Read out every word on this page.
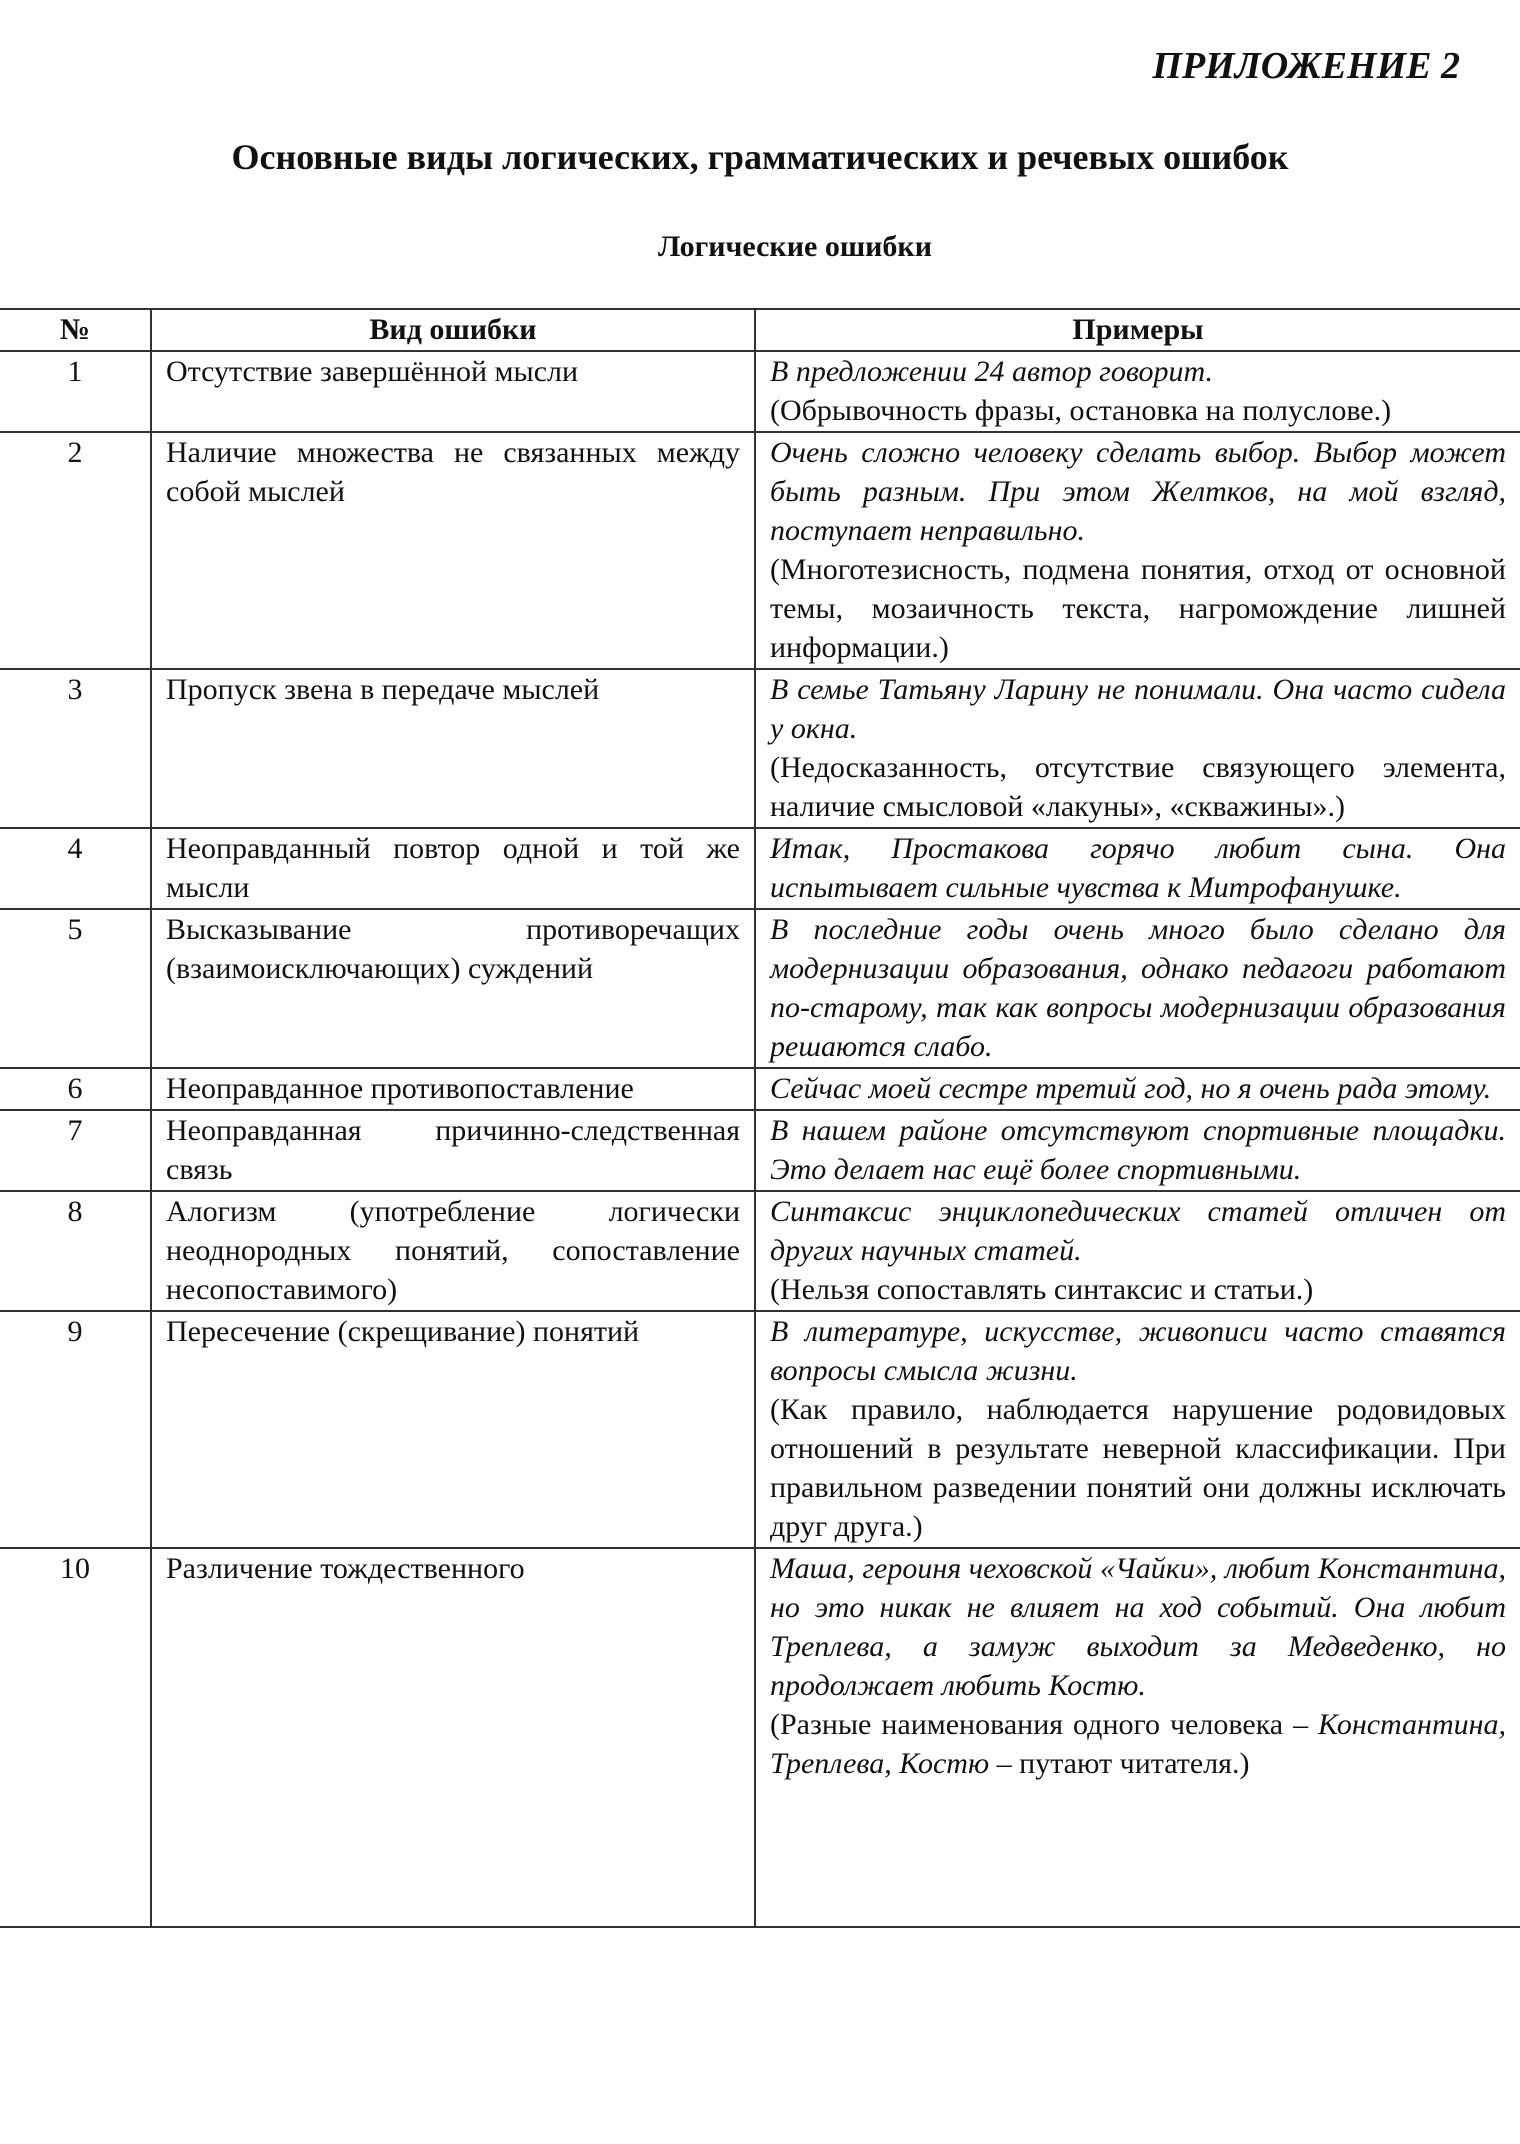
ПРИЛОЖЕНИЕ 2
Основные виды логических, грамматических и речевых ошибок
Логические ошибки
№	Вид ошибки	Примеры
1	Отсутствие завершённой мысли	В предложении 24 автор говорит.
(Обрывочность фразы, остановка на полуслове.)

2	Наличие множества не связанных между собой мыслей	Очень сложно человеку сделать выбор. Выбор может быть разным. При этом Желтков, на мой взгляд, поступает неправильно.
(Многотезисность, подмена понятия, отход от основной темы, мозаичность текста, нагромождение лишней информации.)

3	Пропуск звена в передаче мыслей	В семье Татьяну Ларину не понимали. Она часто сидела у окна.
(Недосказанность, отсутствие связующего элемента, наличие смысловой «лакуны», «скважины».)

4	Неоправданный повтор одной и той же мысли	Итак, Простакова горячо любит сына. Она испытывает сильные чувства к Митрофанушке.

5	Высказывание противоречащих (взаимоисключающих) суждений	В последние годы очень много было сделано для модернизации образования, однако педагоги работают по-старому, так как вопросы модернизации образования решаются слабо.

6	Неоправданное противопоставление	Сейчас моей сестре третий год, но я очень рада этому.

7	Неоправданная причинно-следственная связь	В нашем районе отсутствуют спортивные площадки. Это делает нас ещё более спортивными.

8	Алогизм (употребление логически неоднородных понятий, сопоставление несопоставимого)	Синтаксис энциклопедических статей отличен от других научных статей.
(Нельзя сопоставлять синтаксис и статьи.)

9	Пересечение (скрещивание) понятий	В литературе, искусстве, живописи часто ставятся вопросы смысла жизни.
(Как правило, наблюдается нарушение родовидовых отношений в результате неверной классификации. При правильном разведении понятий они должны исключать друг друга.)

10	Различение тождественного	Маша, героиня чеховской «Чайки», любит Константина, но это никак не влияет на ход событий. Она любит Треплева, а замуж выходит за Медведенко, но продолжает любить Костю.
(Разные наименования одного человека – Константина, Треплева, Костю – путают читателя.)
